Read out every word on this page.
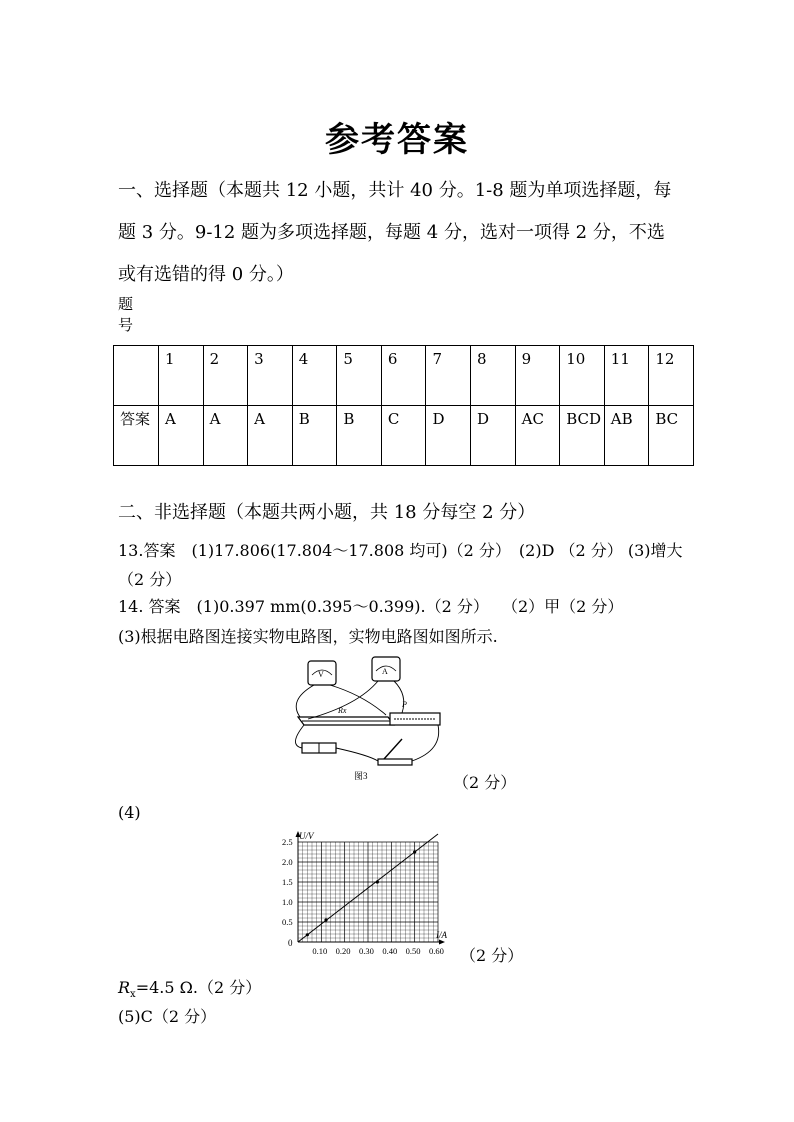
参考答案
一、选择题（本题共 12 小题，共计 40 分。1-8 题为单项选择题，每
题 3 分。9-12 题为多项选择题，每题 4 分，选对一项得 2 分，不选
或有选错的得 0 分。）
题
号
	1	2	3	4	5	6	7	8	9	10	11	12
答案	A	A	A	B	B	C	D	D	AC	BCD	AB	BC
二、非选择题（本题共两小题，共 18 分每空 2 分）
13.答案　(1)17.806(17.804～17.808 均可)（2 分）　(2)D （2 分） (3)增大
（2 分）
14. 答案　(1)0.397 mm(0.395～0.399).（2 分）　 （2）甲（2 分）
(3)根据电路图连接实物电路图，实物电路图如图所示.
V	A
Rx
P
图3	（2 分）
(4)
U/V
I/A
0
0.10 0.20 0.30 0.40 0.50 0.60
0.5
1.0
1.5
2.0
2.5
（2 分）
$R_x=4.5$ Ω.（2 分）
(5)C（2 分）
